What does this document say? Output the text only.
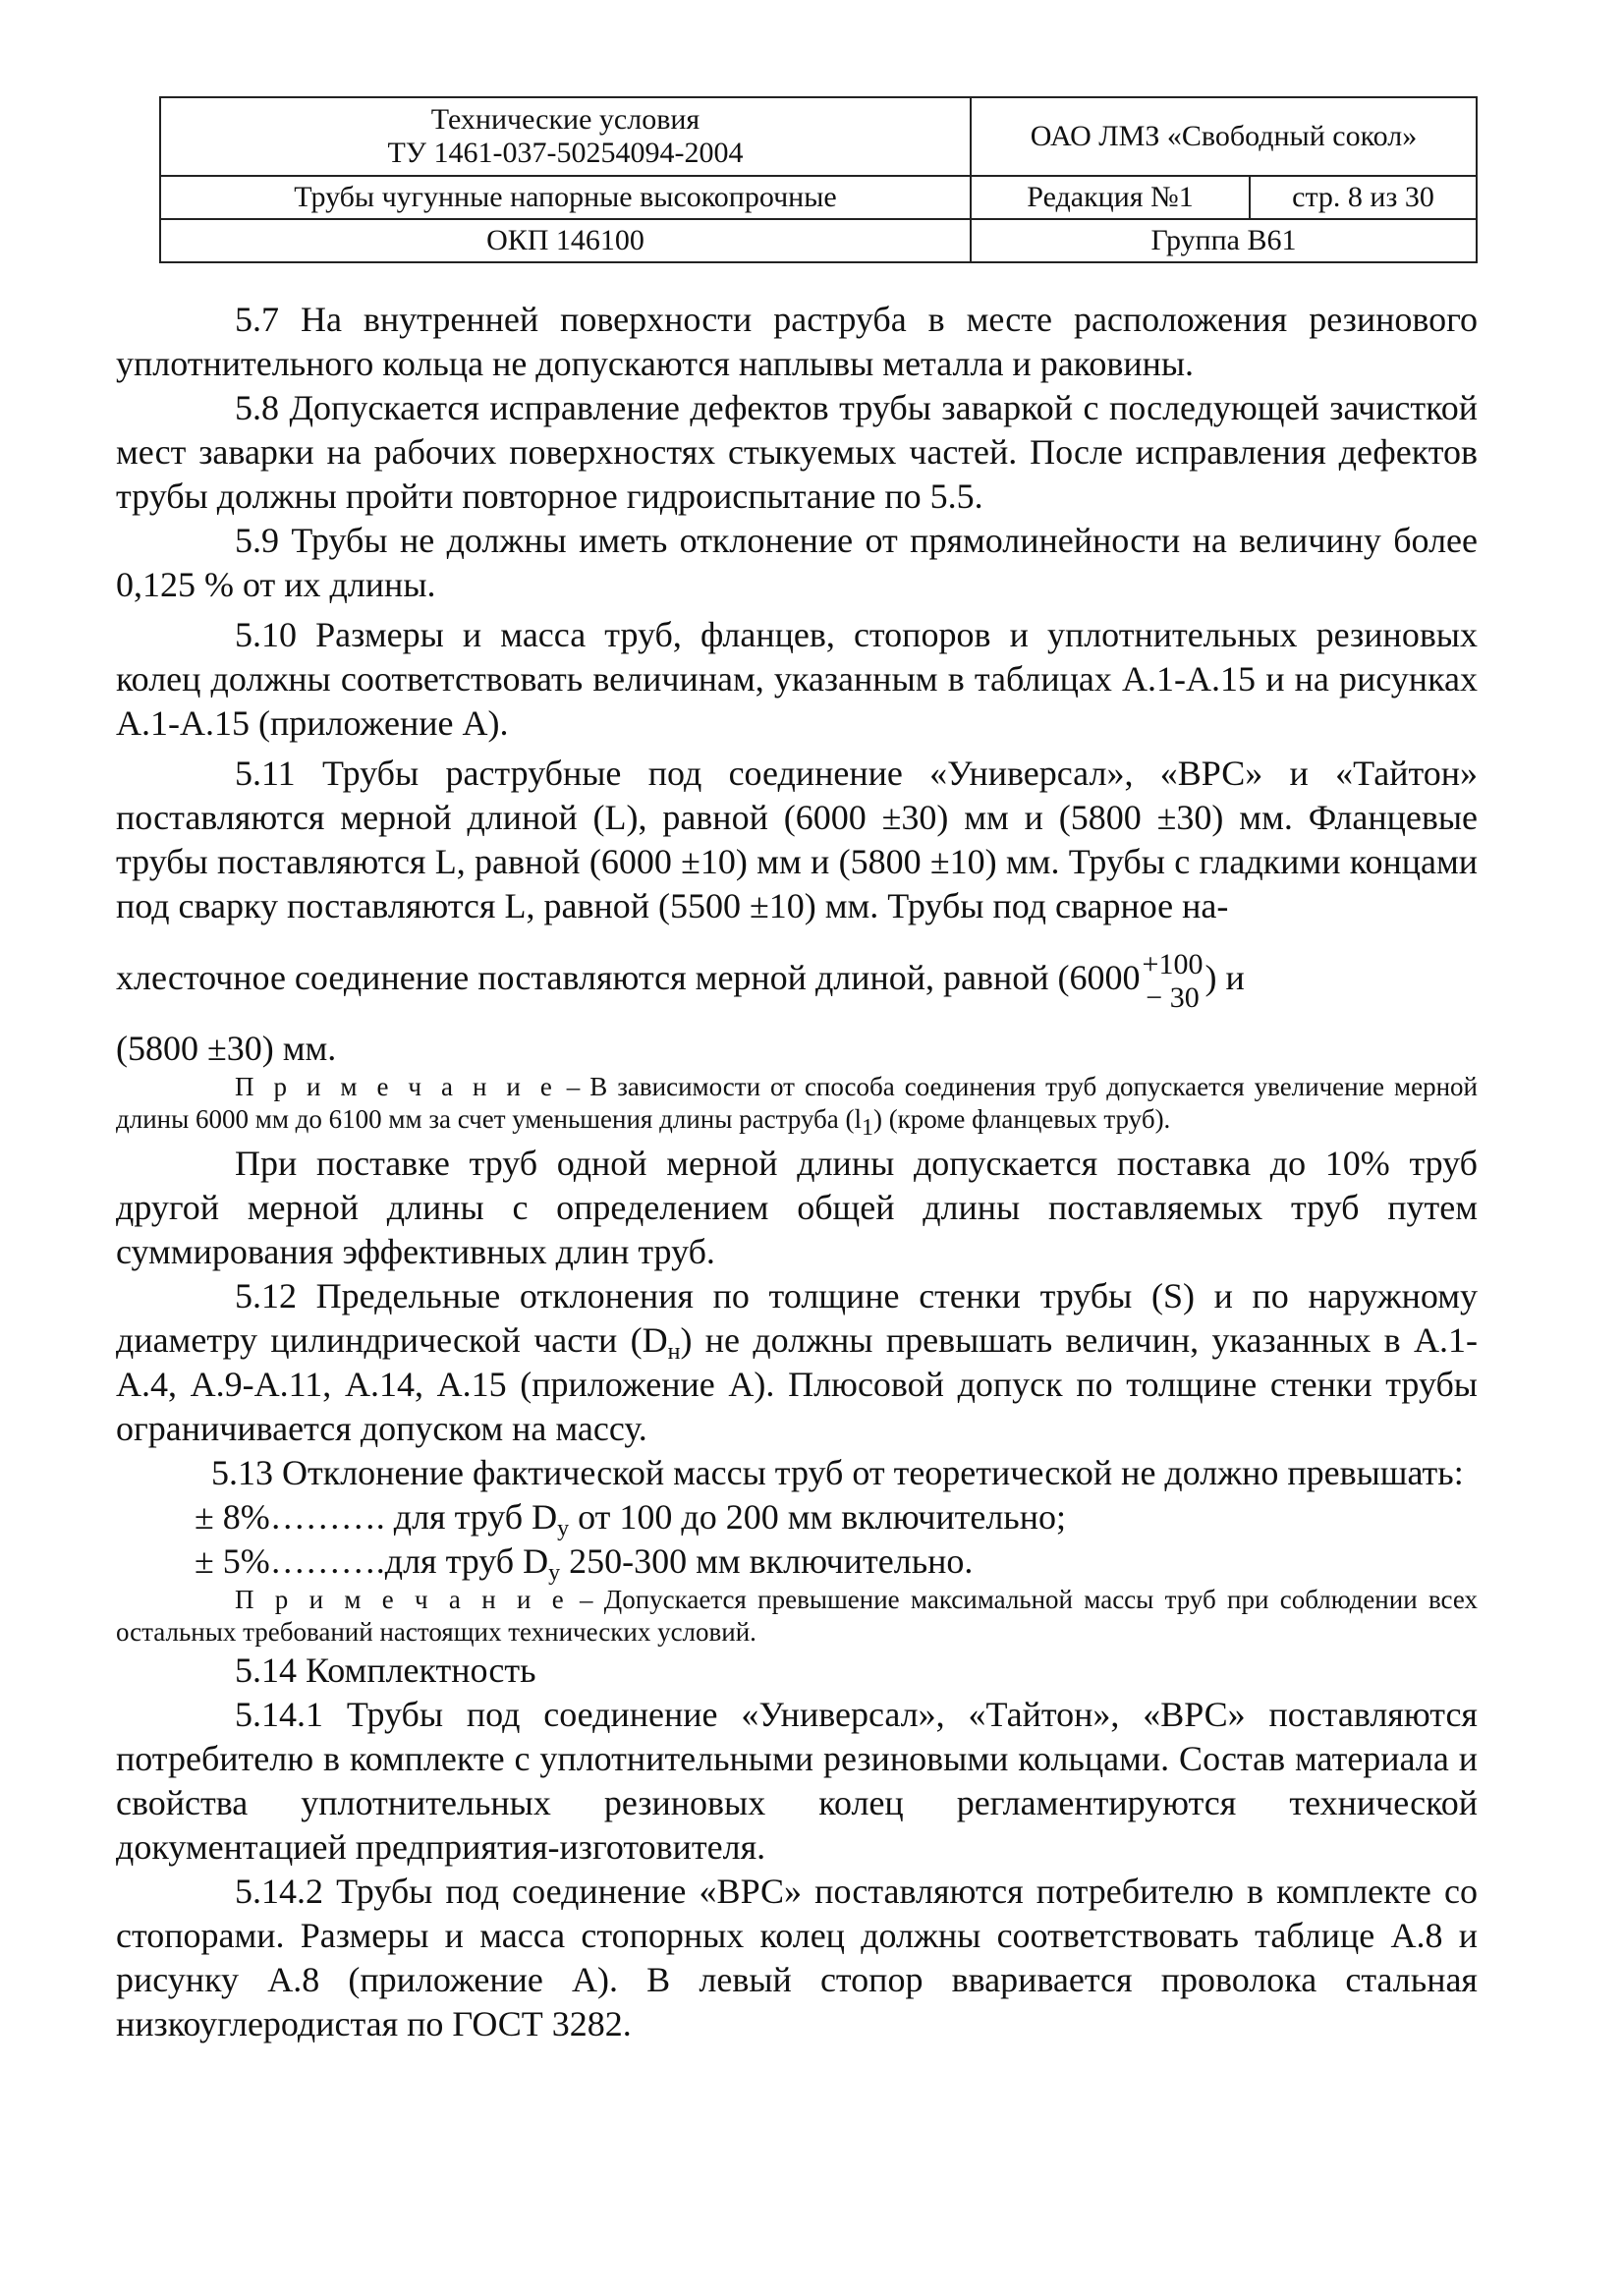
Технические условия
ТУ 1461-037-50254094-2004	ОАО ЛМЗ «Свободный сокол»	
Трубы чугунные напорные высокопрочные	Редакция №1	стр. 8 из 30
ОКП 146100	Группа В61	

5.7 На внутренней поверхности раструба в месте расположения резинового уплотнительного кольца не допускаются наплывы металла и раковины.

5.8 Допускается исправление дефектов трубы заваркой с последующей зачисткой мест заварки на рабочих поверхностях стыкуемых частей. После исправления дефектов трубы должны пройти повторное гидроиспытание по 5.5.

5.9 Трубы не должны иметь отклонение от прямолинейности на величину более 0,125 % от их длины.

5.10 Размеры и масса труб, фланцев, стопоров и уплотнительных резиновых колец должны соответствовать величинам, указанным в таблицах А.1-А.15 и на рисунках А.1-А.15 (приложение А).

5.11 Трубы раструбные под соединение «Универсал», «ВРС» и «Тайтон» поставляются мерной длиной (L), равной (6000 ±30) мм и (5800 ±30) мм. Фланцевые трубы поставляются L, равной (6000 ±10) мм и (5800 ±10) мм. Трубы с гладкими концами под сварку поставляются L, равной (5500 ±10) мм. Трубы под сварное на-

хлесточное соединение поставляются мерной длиной, равной (6000 +100
− 30
) и

(5800 ±30) мм.

П р и м е ч а н и е – В зависимости от способа соединения труб допускается увеличение мерной длины 6000 мм до 6100 мм за счет уменьшения длины раструба (l1) (кроме фланцевых труб).

При поставке труб одной мерной длины допускается поставка до 10% труб другой мерной длины с определением общей длины поставляемых труб путем суммирования эффективных длин труб.

5.12 Предельные отклонения по толщине стенки трубы (S) и по наружному диаметру цилиндрической части $(D_н)$ не должны превышать величин, указанных в А.1-А.4, А.9-А.11, А.14, А.15 (приложение А). Плюсовой допуск по толщине стенки трубы ограничивается допуском на массу.

5.13 Отклонение фактической массы труб от теоретической не должно превышать:

± 8%………. для труб $D_у$ от 100 до 200 мм включительно;

± 5%……….для труб $D_у$ 250-300 мм включительно.

П р и м е ч а н и е – Допускается превышение максимальной массы труб при соблюдении всех остальных требований настоящих технических условий.

5.14 Комплектность

5.14.1 Трубы под соединение «Универсал», «Тайтон», «ВРС» поставляются потребителю в комплекте с уплотнительными резиновыми кольцами. Состав материала и свойства уплотнительных резиновых колец регламентируются технической документацией предприятия-изготовителя.

5.14.2 Трубы под соединение «ВРС» поставляются потребителю в комплекте со стопорами. Размеры и масса стопорных колец должны соответствовать таблице А.8 и рисунку А.8 (приложение А). В левый стопор вваривается проволока стальная низкоуглеродистая по ГОСТ 3282.
